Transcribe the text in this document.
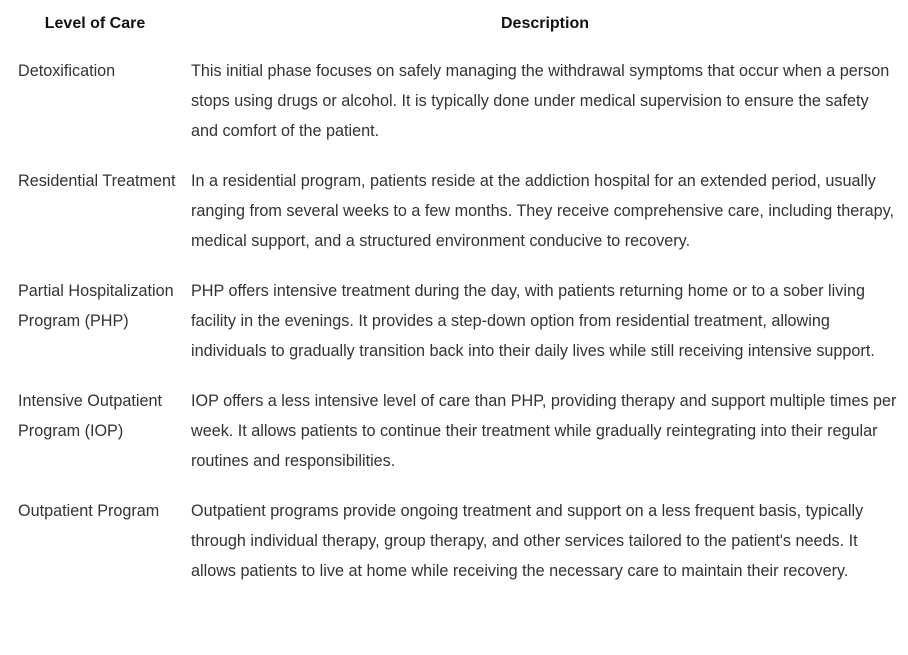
Level of Care	Description
Detoxification	This initial phase focuses on safely managing the withdrawal symptoms that occur when a person stops using drugs or alcohol. It is typically done under medical supervision to ensure the safety and comfort of the patient.
Residential Treatment	In a residential program, patients reside at the addiction hospital for an extended period, usually ranging from several weeks to a few months. They receive comprehensive care, including therapy, medical support, and a structured environment conducive to recovery.
Partial Hospitalization Program (PHP)	PHP offers intensive treatment during the day, with patients returning home or to a sober living facility in the evenings. It provides a step-down option from residential treatment, allowing individuals to gradually transition back into their daily lives while still receiving intensive support.
Intensive Outpatient Program (IOP)	IOP offers a less intensive level of care than PHP, providing therapy and support multiple times per week. It allows patients to continue their treatment while gradually reintegrating into their regular routines and responsibilities.
Outpatient Program	Outpatient programs provide ongoing treatment and support on a less frequent basis, typically through individual therapy, group therapy, and other services tailored to the patient's needs. It allows patients to live at home while receiving the necessary care to maintain their recovery.
